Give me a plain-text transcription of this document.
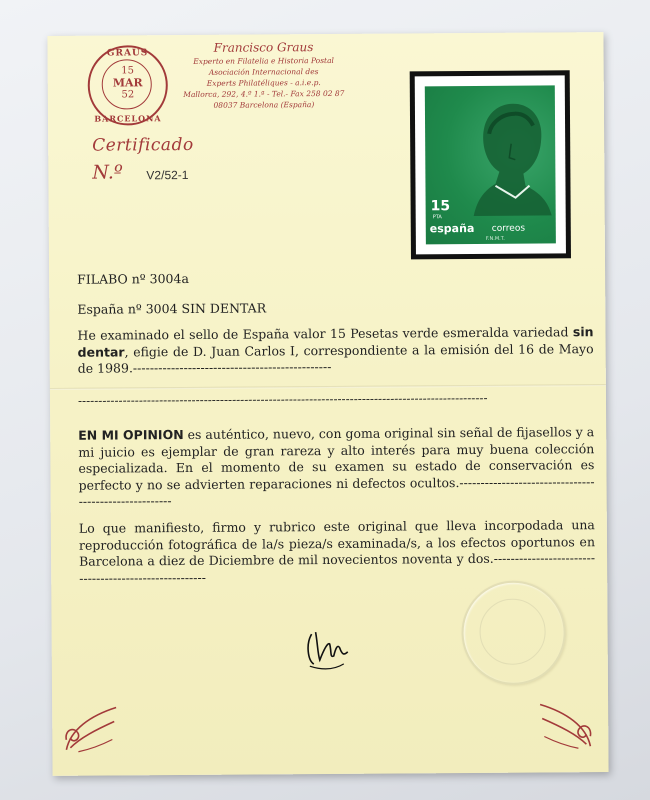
GRAUS
15
MAR
52
BARCELONA
Francisco Graus
Experto en Filatelia e Historia Postal
Asociación Internacional des
Experts Philatéliques - a.i.e.p.
Mallorca, 292, 4.º 1.ª - Tel.- Fax 258 02 87
08037 Barcelona (España)
Certificado
N.º V2/52-1
15
PTA
españa correos
F.N.M.T.
FILABO nº 3004a
España nº 3004 SIN DENTAR
He examinado el sello de España valor 15 Pesetas verde esmeralda variedad sin dentar, efigie de D. Juan Carlos I, correspondiente a la emisión del 16 de Mayo de 1989.-----------------------------------------------
-----------------------------------------------------------------------------------------------------
EN MI OPINION es auténtico, nuevo, con goma original sin señal de fijasellos y a mi juicio es ejemplar de gran rareza y alto interés para muy buena colección especializada. En el momento de su examen su estado de conservación es perfecto y no se advierten reparaciones ni defectos ocultos.------------------------------------------------------
Lo que manifiesto, firmo y rubrico este original que lleva incorpodada una reproducción fotográfica de la/s pieza/s examinada/s, a los efectos oportunos en Barcelona a diez de Diciembre de mil novecientos noventa y dos.------------------------------------------------------
